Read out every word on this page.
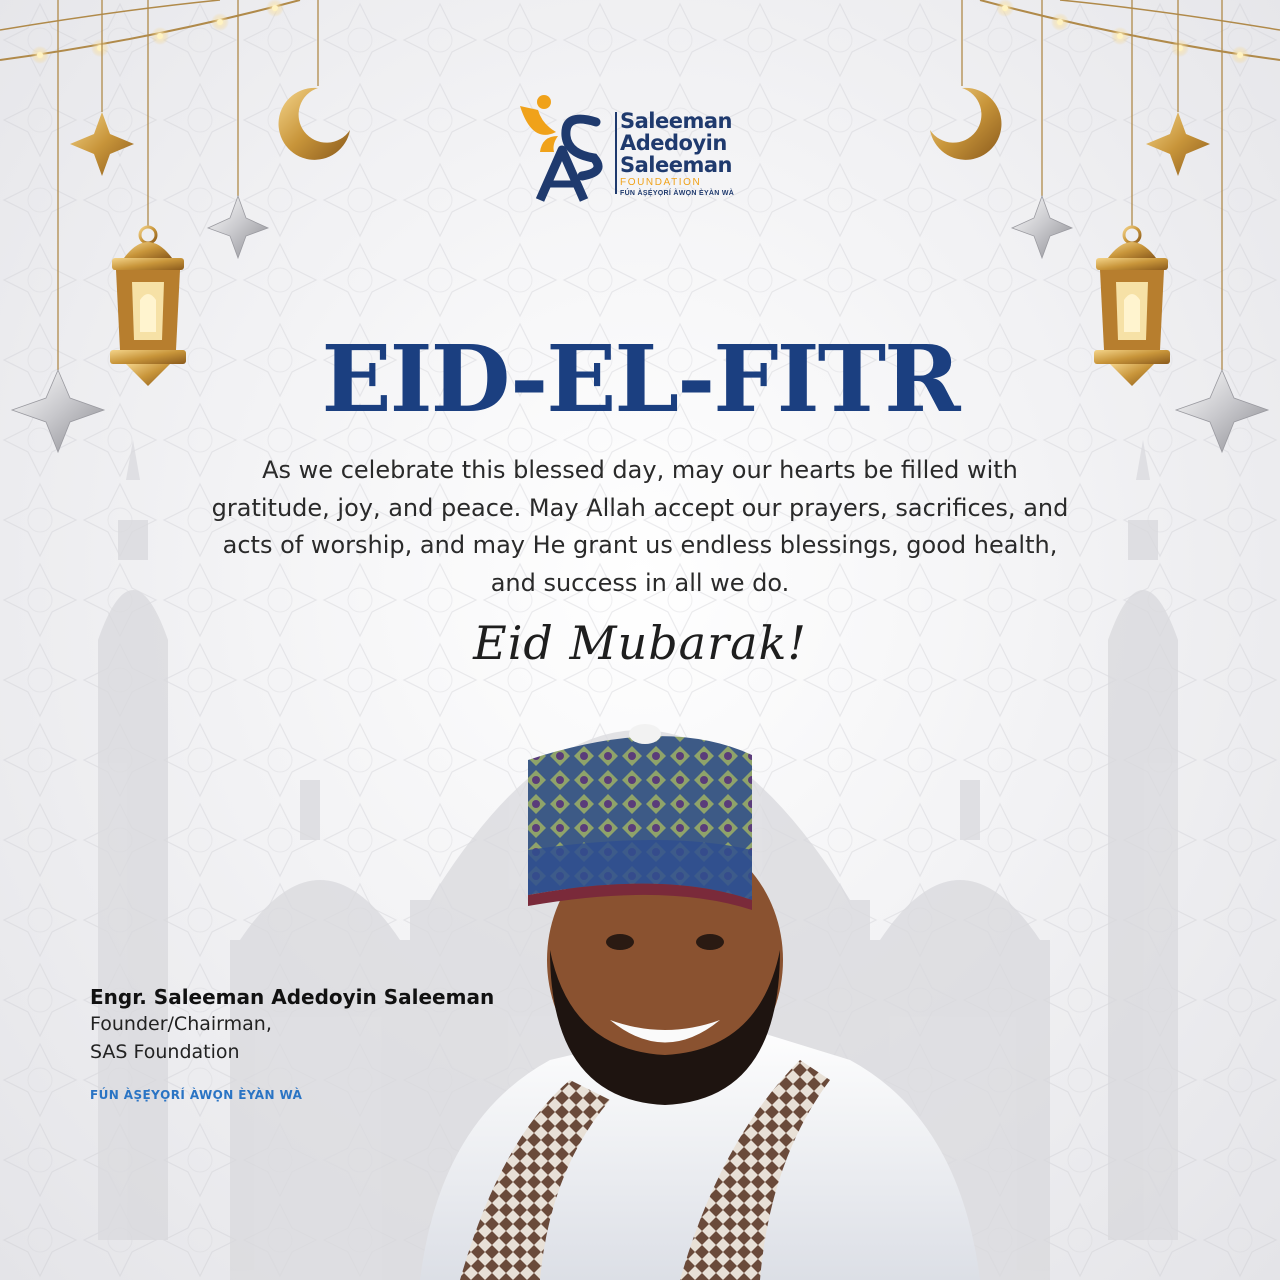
Saleeman
Adedoyin
Saleeman
FOUNDATION
FÚN ÀṢẸ́YỌRÍ ÀWỌN ÈYÀN WÀ
EID-EL-FITR
As we celebrate this blessed day, may our hearts be filled with gratitude, joy, and peace. May Allah accept our prayers, sacrifices, and acts of worship, and may He grant us endless blessings, good health, and success in all we do.
Eid Mubarak!
Engr. Saleeman Adedoyin Saleeman
Founder/Chairman,
SAS Foundation
FÚN ÀṢẸ́YỌRÍ ÀWỌN ÈYÀN WÀ
